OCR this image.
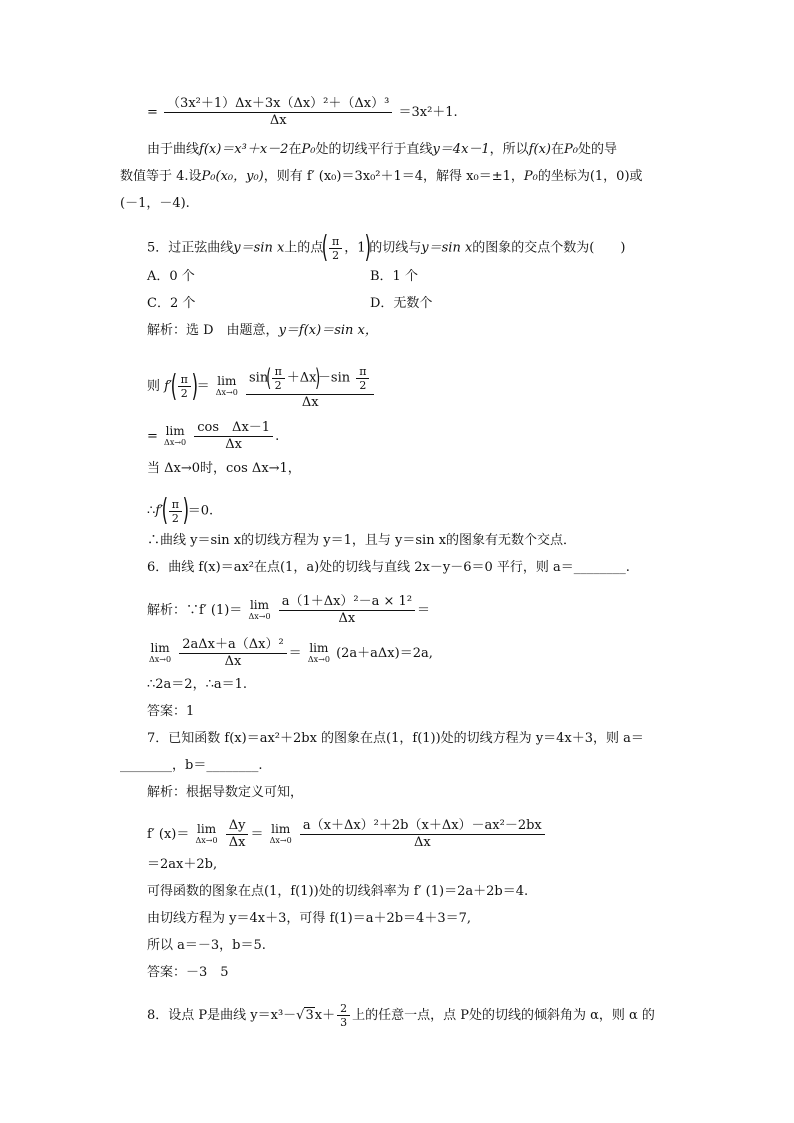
= $\frac{\text{（3x²＋1）Δx＋3x（Δx）²＋（Δx）³}}{\Delta x} =3x^2+1$.
由于曲线f(x)＝x³＋x－2在P₀处的切线平行于直线y＝4x－1，所以f(x)在P₀处的导
数值等于 4.设P₀(x₀，y₀)，则有 f′ (x₀)＝3x₀²＋1＝4，解得 x₀＝±1，P₀的坐标为(1，0)或
(－1，－4).
5．过正弦曲线y＝sin x上的点( $\frac{\pi}{2}$ ，1)的切线与y＝sin x的图象的交点个数为(　　)
A．0 个	B．1 个
C．2 个	D．无数个
解析：选 D　由题意，y＝f(x)＝sin x，
则 $f'( \frac{\pi}{2}$ )＝ lim
Δx→0
$\frac{\sin( \frac{\pi}{2} +\Delta x)-\sin \frac{\pi}{2}}{\Delta x}$
= lim
Δx→0
$\frac{\text{cos　Δx－1}}{\Delta x}$ .
当 Δx→0时，cos Δx→1，
∴f′( $\frac{\pi}{2} )=0$.
∴曲线 y＝sin x的切线方程为 y＝1，且与 y＝sin x的图象有无数个交点．
6．曲线 f(x)＝ax²在点(1，a)处的切线与直线 2x－y－6＝0 平行，则 a＝________.
解析：∵f′ (1)＝ lim
Δx→0
$\frac{\text{a（1＋Δx）²－a × 1²}}{\Delta x}$ ＝
lim
Δx→0
$\frac{\text{2aΔx＋a（Δx）²}}{\Delta x} = \lim$
Δx→0 (2a＋aΔx)＝2a,
∴2a＝2，∴a＝1.
答案：1
7．已知函数 f(x)＝ax²＋2bx 的图象在点(1，f(1))处的切线方程为 y＝4x＋3，则 a＝
________，b＝________.
解析：根据导数定义可知，
f′ (x)＝ lim
Δx→0
$\frac{\Delta y}{\Delta x} = \lim$
Δx→0
$\frac{\text{a（x＋Δx）²＋2b（x＋Δx）－ax²－2bx}}{\Delta x}$
＝2ax＋2b,
可得函数的图象在点(1，f(1))处的切线斜率为 f′ (1)＝2a＋2b＝4.
由切线方程为 y＝4x＋3，可得 f(1)＝a＋2b＝4＋3＝7,
所以 a＝－3，b＝5.
答案：－3　5
8．设点 P是曲线 $y=x^3-√3x+ \frac{2}{3}$ 上的任意一点，点 P处的切线的倾斜角为 α，则 α 的
